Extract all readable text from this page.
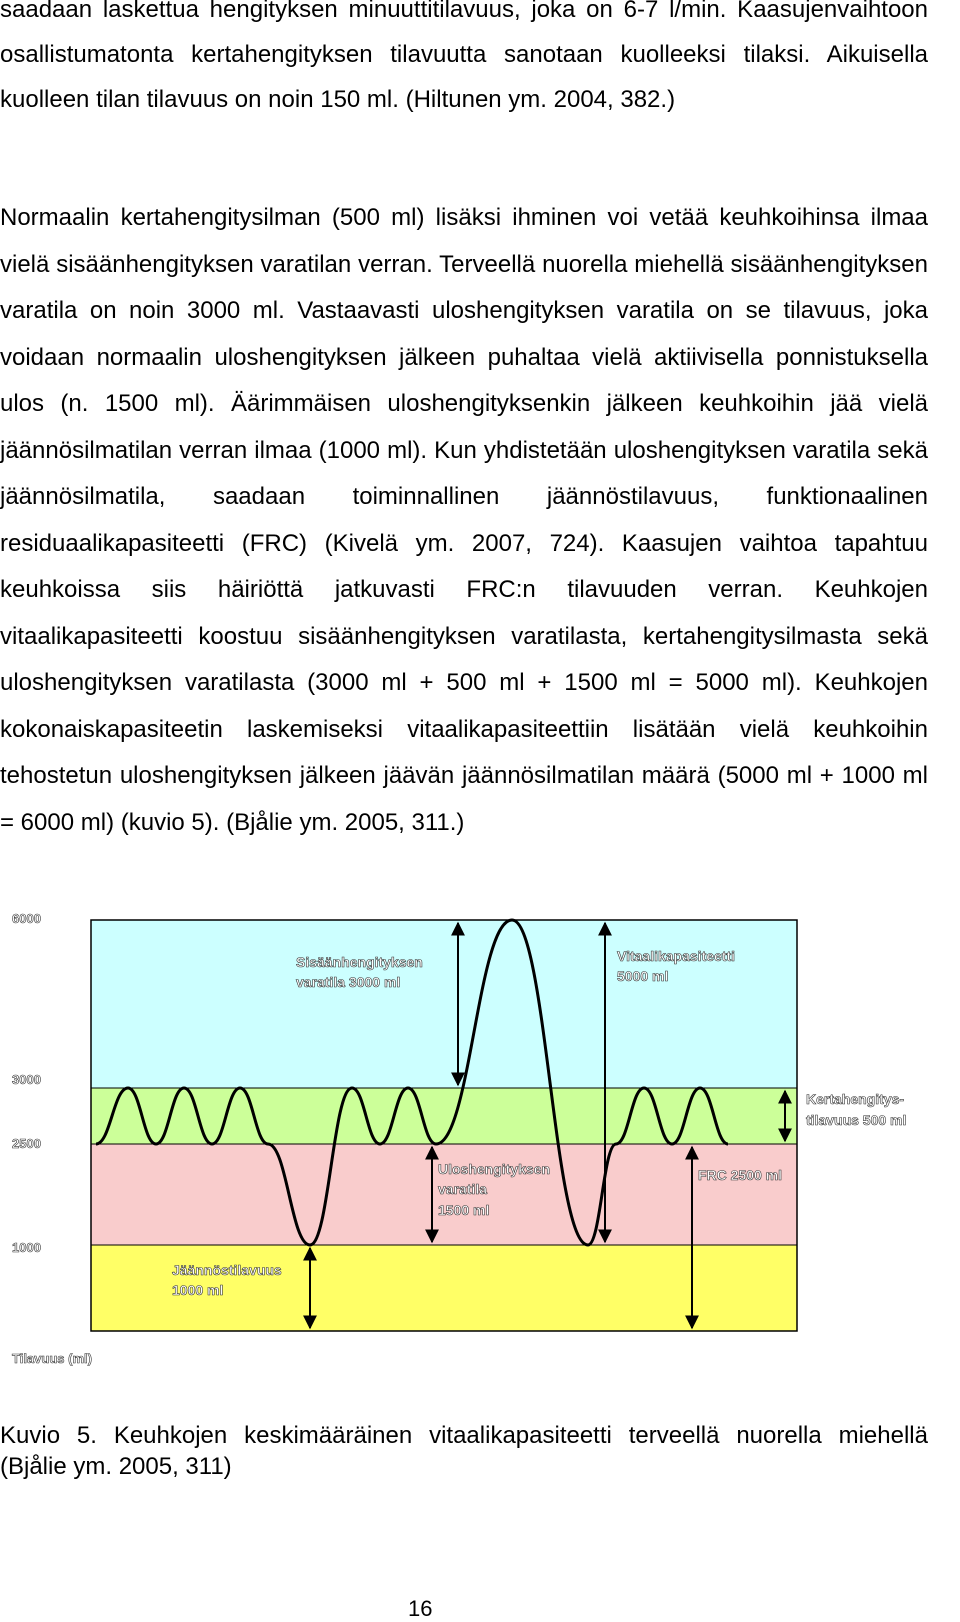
saadaan laskettua hengityksen minuuttitilavuus, joka on 6-7 l/min. Kaasujenvaihtoon osallistumatonta kertahengityksen tilavuutta sanotaan kuolleeksi tilaksi. Aikuisella kuolleen tilan tilavuus on noin 150 ml. (Hiltunen ym. 2004, 382.)

Normaalin kertahengitysilman (500 ml) lisäksi ihminen voi vetää keuhkoihinsa ilmaa vielä sisäänhengityksen varatilan verran. Terveellä nuorella miehellä sisäänhengityksen varatila on noin 3000 ml. Vastaavasti uloshengityksen varatila on se tilavuus, joka voidaan normaalin uloshengityksen jälkeen puhaltaa vielä aktiivisella ponnistuksella ulos (n. 1500 ml). Äärimmäisen uloshengityksenkin jälkeen keuhkoihin jää vielä jäännösilmatilan verran ilmaa (1000 ml). Kun yhdistetään uloshengityksen varatila sekä jäännösilmatila, saadaan toiminnallinen jäännöstilavuus, funktionaalinen residuaalikapasiteetti (FRC) (Kivelä ym. 2007, 724). Kaasujen vaihtoa tapahtuu keuhkoissa siis häiriöttä jatkuvasti FRC:n tilavuuden verran. Keuhkojen vitaalikapasiteetti koostuu sisäänhengityksen varatilasta, kertahengitysilmasta sekä uloshengityksen varatilasta (3000 ml + 500 ml + 1500 ml = 5000 ml). Keuhkojen kokonaiskapasiteetin laskemiseksi vitaalikapasiteettiin lisätään vielä keuhkoihin tehostetun uloshengityksen jälkeen jäävän jäännösilmatilan määrä (5000 ml + 1000 ml = 6000 ml) (kuvio 5). (Bjålie ym. 2005, 311.)

6000
3000
2500
1000
Tilavuus (ml)
Sisäänhengityksen
varatila 3000 ml
Vitaalikapasiteetti
5000 ml
Kertahengitys-
tilavuus 500 ml
Uloshengityksen
varatila
1500 ml
FRC 2500 ml
Jäännöstilavuus
1000 ml

Kuvio 5. Keuhkojen keskimääräinen vitaalikapasiteetti terveellä nuorella miehellä (Bjålie ym. 2005, 311)

16
